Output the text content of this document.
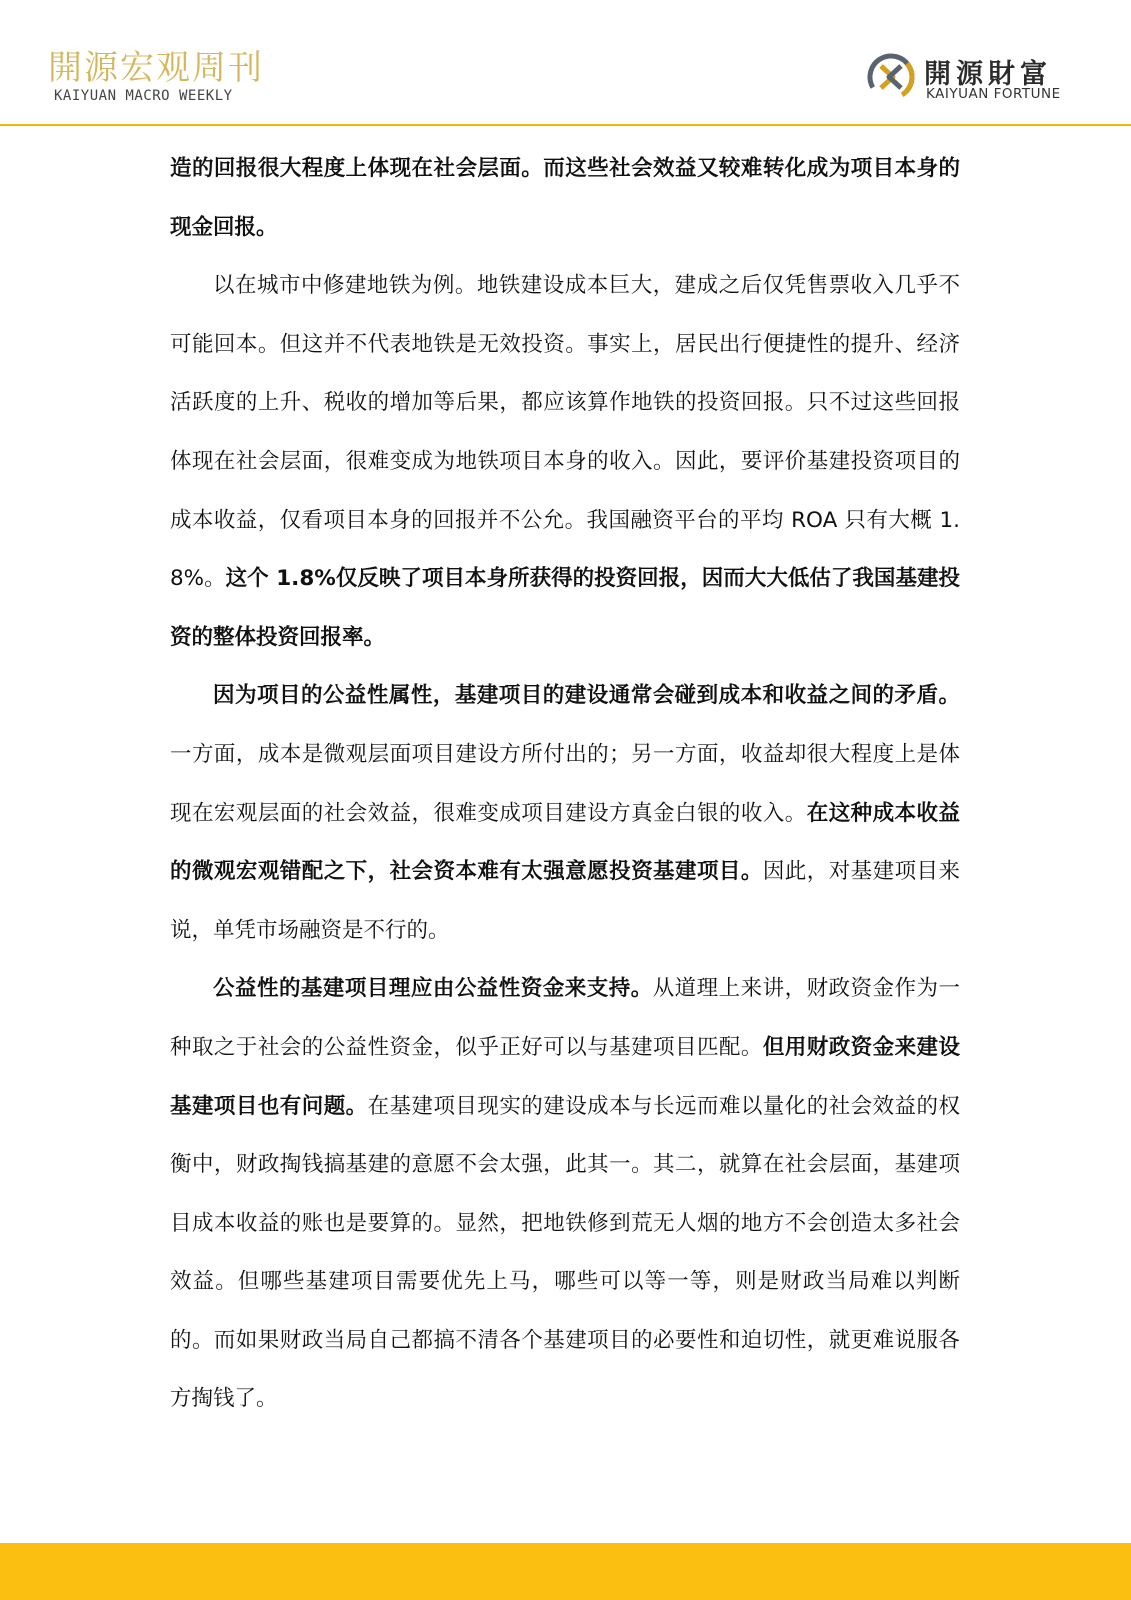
開源宏观周刊

KAIYUAN MACRO WEEKLY

開源財富

KAIYUAN FORTUNE

造的回报很大程度上体现在社会层面。而这些社会效益又较难转化成为项目本身的现金回报。

以在城市中修建地铁为例。地铁建设成本巨大，建成之后仅凭售票收入几乎不可能回本。但这并不代表地铁是无效投资。事实上，居民出行便捷性的提升、经济活跃度的上升、税收的增加等后果，都应该算作地铁的投资回报。只不过这些回报体现在社会层面，很难变成为地铁项目本身的收入。因此，要评价基建投资项目的成本收益，仅看项目本身的回报并不公允。我国融资平台的平均 ROA 只有大概 1.8%。这个 1.8%仅反映了项目本身所获得的投资回报，因而大大低估了我国基建投资的整体投资回报率。

因为项目的公益性属性，基建项目的建设通常会碰到成本和收益之间的矛盾。一方面，成本是微观层面项目建设方所付出的；另一方面，收益却很大程度上是体现在宏观层面的社会效益，很难变成项目建设方真金白银的收入。在这种成本收益的微观宏观错配之下，社会资本难有太强意愿投资基建项目。因此，对基建项目来说，单凭市场融资是不行的。

公益性的基建项目理应由公益性资金来支持。从道理上来讲，财政资金作为一种取之于社会的公益性资金，似乎正好可以与基建项目匹配。但用财政资金来建设基建项目也有问题。在基建项目现实的建设成本与长远而难以量化的社会效益的权衡中，财政掏钱搞基建的意愿不会太强，此其一。其二，就算在社会层面，基建项目成本收益的账也是要算的。显然，把地铁修到荒无人烟的地方不会创造太多社会效益。但哪些基建项目需要优先上马，哪些可以等一等，则是财政当局难以判断的。而如果财政当局自己都搞不清各个基建项目的必要性和迫切性，就更难说服各方掏钱了。
